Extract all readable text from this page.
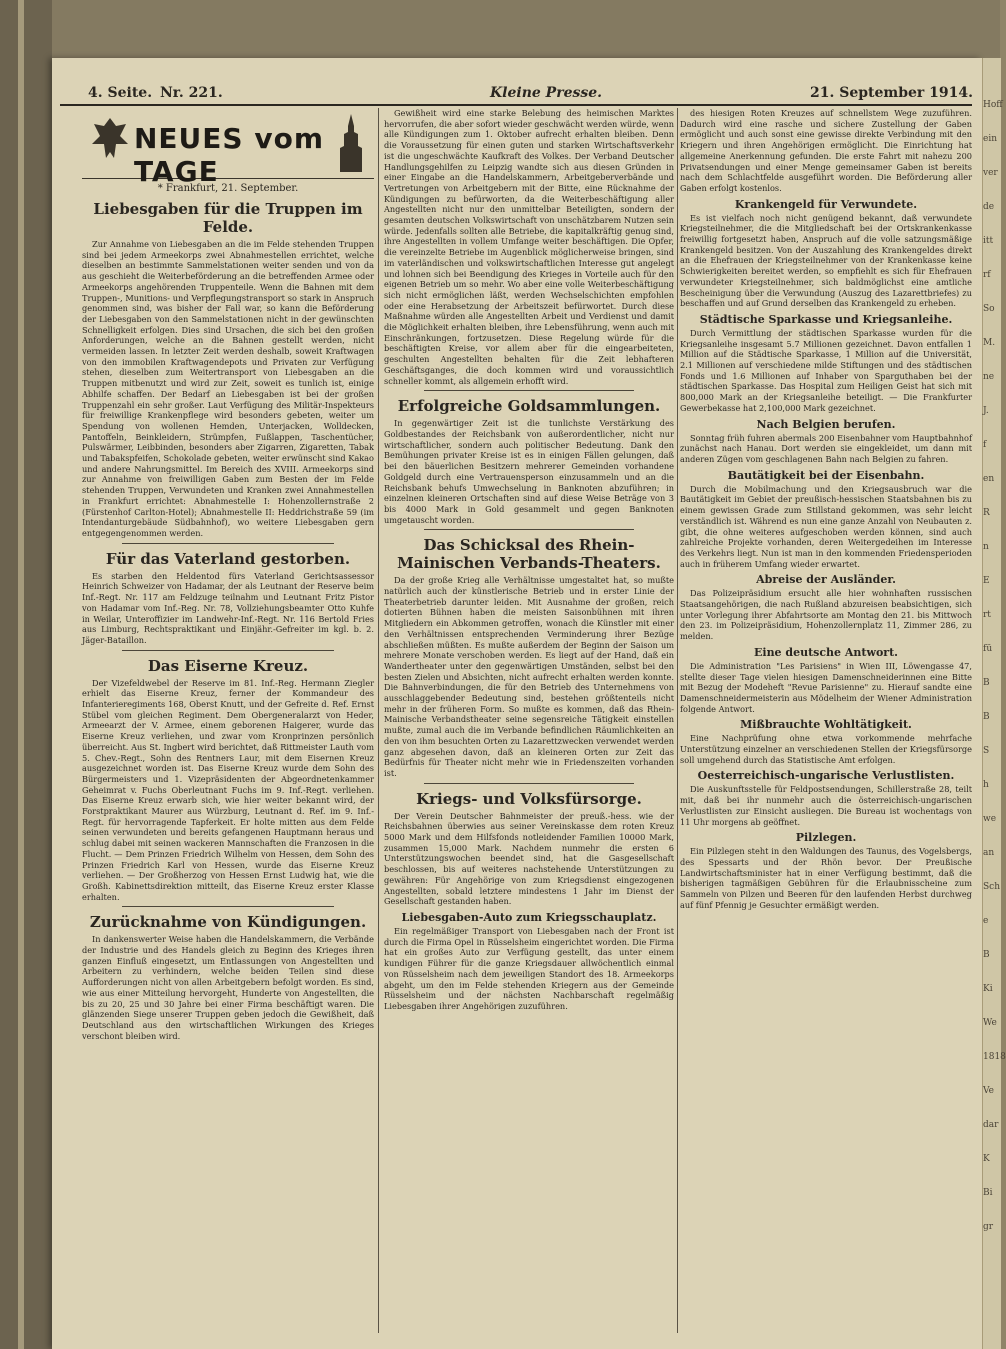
Hoff
ein
ver
de
itt
rf
So
M.
ne
J.
f
en
R
n
E
rt
fü
B
B
S
h
we
an
Sch
e
B
Ki
We
1818
Ve
dar
K
Bi
gr
4. Seite. Nr. 221.	Kleine Presse.	21. September 1914.
NEUES vom TAGE
* Frankfurt, 21. September.
Liebesgaben für die Truppen im Felde.

Zur Annahme von Liebesgaben an die im Felde stehenden Truppen sind bei jedem Armeekorps zwei Abnahmestellen errichtet, welche dieselben an bestimmte Sammelstationen weiter senden und von da aus geschieht die Weiterbeförderung an die betreffenden Armee oder Armeekorps angehörenden Truppenteile. Wenn die Bahnen mit dem Truppen-, Munitions- und Verpflegungstransport so stark in Anspruch genommen sind, was bisher der Fall war, so kann die Beförderung der Liebesgaben von den Sammelstationen nicht in der gewünschten Schnelligkeit erfolgen. Dies sind Ursachen, die sich bei den großen Anforderungen, welche an die Bahnen gestellt werden, nicht vermeiden lassen. In letzter Zeit werden deshalb, soweit Kraftwagen von den immobilen Kraftwagendepots und Privaten zur Verfügung stehen, dieselben zum Weitertransport von Liebesgaben an die Truppen mitbenutzt und wird zur Zeit, soweit es tunlich ist, einige Abhilfe schaffen. Der Bedarf an Liebesgaben ist bei der großen Truppenzahl ein sehr großer. Laut Verfügung des Militär-Inspekteurs für freiwillige Krankenpflege wird besonders gebeten, weiter um Spendung von wollenen Hemden, Unterjacken, Wolldecken, Pantoffeln, Beinkleidern, Strümpfen, Fußlappen, Taschentücher, Pulswärmer, Leibbinden, besonders aber Zigarren, Zigaretten, Tabak und Tabakspfeifen, Schokolade gebeten, weiter erwünscht sind Kakao und andere Nahrungsmittel. Im Bereich des XVIII. Armeekorps sind zur Annahme von freiwilligen Gaben zum Besten der im Felde stehenden Truppen, Verwundeten und Kranken zwei Annahmestellen in Frankfurt errichtet: Abnahmestelle I: Hohenzollernstraße 2 (Fürstenhof Carlton-Hotel); Abnahmestelle II: Heddrichstraße 59 (im Intendanturgebäude Südbahnhof), wo weitere Liebesgaben gern entgegengenommen werden.

Für das Vaterland gestorben.

Es starben den Heldentod fürs Vaterland Gerichtsassessor Heinrich Schweizer von Hadamar, der als Leutnant der Reserve beim Inf.-Regt. Nr. 117 am Feldzuge teilnahm und Leutnant Fritz Pistor von Hadamar vom Inf.-Reg. Nr. 78, Vollziehungsbeamter Otto Kuhfe in Weilar, Unteroffizier im Landwehr-Inf.-Regt. Nr. 116 Bertold Fries aus Limburg, Rechtspraktikant und Einjähr.-Gefreiter im kgl. b. 2. Jäger-Bataillon.

Das Eiserne Kreuz.

Der Vizefeldwebel der Reserve im 81. Inf.-Reg. Hermann Ziegler erhielt das Eiserne Kreuz, ferner der Kommandeur des Infanterieregiments 168, Oberst Knutt, und der Gefreite d. Ref. Ernst Stübel vom gleichen Regiment. Dem Obergeneralarzt von Heder, Armeearzt der V. Armee, einem geborenen Haigerer, wurde das Eiserne Kreuz verliehen, und zwar vom Kronprinzen persönlich überreicht. Aus St. Ingbert wird berichtet, daß Rittmeister Lauth vom 5. Chev.-Regt., Sohn des Rentners Laur, mit dem Eisernen Kreuz ausgezeichnet worden ist. Das Eiserne Kreuz wurde dem Sohn des Bürgermeisters und 1. Vizepräsidenten der Abgeordnetenkammer Geheimrat v. Fuchs Oberleutnant Fuchs im 9. Inf.-Regt. verliehen. Das Eiserne Kreuz erwarb sich, wie hier weiter bekannt wird, der Forstpraktikant Maurer aus Würzburg, Leutnant d. Ref. im 9. Inf.-Regt. für hervorragende Tapferkeit. Er holte mitten aus dem Felde seinen verwundeten und bereits gefangenen Hauptmann heraus und schlug dabei mit seinen wackeren Mannschaften die Franzosen in die Flucht. — Dem Prinzen Friedrich Wilhelm von Hessen, dem Sohn des Prinzen Friedrich Karl von Hessen, wurde das Eiserne Kreuz verliehen. — Der Großherzog von Hessen Ernst Ludwig hat, wie die Großh. Kabinettsdirektion mitteilt, das Eiserne Kreuz erster Klasse erhalten.

Zurücknahme von Kündigungen.

In dankenswerter Weise haben die Handelskammern, die Verbände der Industrie und des Handels gleich zu Beginn des Krieges ihren ganzen Einfluß eingesetzt, um Entlassungen von Angestellten und Arbeitern zu verhindern, welche beiden Teilen sind diese Aufforderungen nicht von allen Arbeitgebern befolgt worden. Es sind, wie aus einer Mitteilung hervorgeht, Hunderte von Angestellten, die bis zu 20, 25 und 30 Jahre bei einer Firma beschäftigt waren. Die glänzenden Siege unserer Truppen geben jedoch die Gewißheit, daß Deutschland aus den wirtschaftlichen Wirkungen des Krieges verschont bleiben wird.

Gewißheit wird eine starke Belebung des heimischen Marktes hervorrufen, die aber sofort wieder geschwächt werden würde, wenn alle Kündigungen zum 1. Oktober aufrecht erhalten bleiben. Denn die Voraussetzung für einen guten und starken Wirtschaftsverkehr ist die ungeschwächte Kaufkraft des Volkes. Der Verband Deutscher Handlungsgehilfen zu Leipzig wandte sich aus diesen Gründen in einer Eingabe an die Handelskammern, Arbeitgeberverbände und Vertretungen von Arbeitgebern mit der Bitte, eine Rücknahme der Kündigungen zu befürworten, da die Weiterbeschäftigung aller Angestellten nicht nur den unmittelbar Beteiligten, sondern der gesamten deutschen Volkswirtschaft von unschätzbarem Nutzen sein würde. Jedenfalls sollten alle Betriebe, die kapitalkräftig genug sind, ihre Angestellten in vollem Umfange weiter beschäftigen. Die Opfer, die vereinzelte Betriebe im Augenblick möglicherweise bringen, sind im vaterländischen und volkswirtschaftlichen Interesse gut angelegt und lohnen sich bei Beendigung des Krieges in Vorteile auch für den eigenen Betrieb um so mehr. Wo aber eine volle Weiterbeschäftigung sich nicht ermöglichen läßt, werden Wechselschichten empfohlen oder eine Herabsetzung der Arbeitszeit befürwortet. Durch diese Maßnahme würden alle Angestellten Arbeit und Verdienst und damit die Möglichkeit erhalten bleiben, ihre Lebensführung, wenn auch mit Einschränkungen, fortzusetzen. Diese Regelung würde für die beschäftigten Kreise, vor allem aber für die eingearbeiteten, geschulten Angestellten behalten für die Zeit lebhafteren Geschäftsganges, die doch kommen wird und voraussichtlich schneller kommt, als allgemein erhofft wird.

Erfolgreiche Goldsammlungen.

In gegenwärtiger Zeit ist die tunlichste Verstärkung des Goldbestandes der Reichsbank von außerordentlicher, nicht nur wirtschaftlicher, sondern auch politischer Bedeutung. Dank den Bemühungen privater Kreise ist es in einigen Fällen gelungen, daß bei den bäuerlichen Besitzern mehrerer Gemeinden vorhandene Goldgeld durch eine Vertrauensperson einzusammeln und an die Reichsbank behufs Umwechselung in Banknoten abzuführen; in einzelnen kleineren Ortschaften sind auf diese Weise Beträge von 3 bis 4000 Mark in Gold gesammelt und gegen Banknoten umgetauscht worden.

Das Schicksal des Rhein-Mainischen Verbands-Theaters.

Da der große Krieg alle Verhältnisse umgestaltet hat, so mußte natürlich auch der künstlerische Betrieb und in erster Linie der Theaterbetrieb darunter leiden. Mit Ausnahme der großen, reich dotierten Bühnen haben die meisten Saisonbühnen mit ihren Mitgliedern ein Abkommen getroffen, wonach die Künstler mit einer den Verhältnissen entsprechenden Verminderung ihrer Bezüge abschließen müßten. Es mußte außerdem der Beginn der Saison um mehrere Monate verschoben werden. Es liegt auf der Hand, daß ein Wandertheater unter den gegenwärtigen Umständen, selbst bei den besten Zielen und Absichten, nicht aufrecht erhalten werden konnte. Die Bahnverbindungen, die für den Betrieb des Unternehmens von ausschlaggebender Bedeutung sind, bestehen größtenteils nicht mehr in der früheren Form. So mußte es kommen, daß das Rhein-Mainische Verbandstheater seine segensreiche Tätigkeit einstellen mußte, zumal auch die im Verbande befindlichen Räumlichkeiten an den von ihm besuchten Orten zu Lazarettzwecken verwendet werden ganz abgesehen davon, daß an kleineren Orten zur Zeit das Bedürfnis für Theater nicht mehr wie in Friedenszeiten vorhanden ist.

Kriegs- und Volksfürsorge.

Der Verein Deutscher Bahnmeister der preuß.-hess. wie der Reichsbahnen überwies aus seiner Vereinskasse dem roten Kreuz 5000 Mark und dem Hilfsfonds notleidender Familien 10000 Mark, zusammen 15,000 Mark. Nachdem nunmehr die ersten 6 Unterstützungswochen beendet sind, hat die Gasgesellschaft beschlossen, bis auf weiteres nachstehende Unterstützungen zu gewähren: Für Angehörige von zum Kriegsdienst eingezogenen Angestellten, sobald letztere mindestens 1 Jahr im Dienst der Gesellschaft gestanden haben.

Liebesgaben-Auto zum Kriegsschauplatz.

Ein regelmäßiger Transport von Liebesgaben nach der Front ist durch die Firma Opel in Rüsselsheim eingerichtet worden. Die Firma hat ein großes Auto zur Verfügung gestellt, das unter einem kundigen Führer für die ganze Kriegsdauer allwöchentlich einmal von Rüsselsheim nach dem jeweiligen Standort des 18. Armeekorps abgeht, um den im Felde stehenden Kriegern aus der Gemeinde Rüsselsheim und der nächsten Nachbarschaft regelmäßig Liebesgaben ihrer Angehörigen zuzuführen.

des hiesigen Roten Kreuzes auf schnellstem Wege zuzuführen. Dadurch wird eine rasche und sichere Zustellung der Gaben ermöglicht und auch sonst eine gewisse direkte Verbindung mit den Kriegern und ihren Angehörigen ermöglicht. Die Einrichtung hat allgemeine Anerkennung gefunden. Die erste Fahrt mit nahezu 200 Privatsendungen und einer Menge gemeinsamer Gaben ist bereits nach dem Schlachtfelde ausgeführt worden. Die Beförderung aller Gaben erfolgt kostenlos.

Krankengeld für Verwundete.

Es ist vielfach noch nicht genügend bekannt, daß verwundete Kriegsteilnehmer, die die Mitgliedschaft bei der Ortskrankenkasse freiwillig fortgesetzt haben, Anspruch auf die volle satzungsmäßige Krankengeld besitzen. Von der Auszahlung des Krankengeldes direkt an die Ehefrauen der Kriegsteilnehmer von der Krankenkasse keine Schwierigkeiten bereitet werden, so empfiehlt es sich für Ehefrauen verwundeter Kriegsteilnehmer, sich baldmöglichst eine amtliche Bescheinigung über die Verwundung (Auszug des Lazarettbriefes) zu beschaffen und auf Grund derselben das Krankengeld zu erheben.

Städtische Sparkasse und Kriegsanleihe.

Durch Vermittlung der städtischen Sparkasse wurden für die Kriegsanleihe insgesamt 5.7 Millionen gezeichnet. Davon entfallen 1 Million auf die Städtische Sparkasse, 1 Million auf die Universität, 2.1 Millionen auf verschiedene milde Stiftungen und des städtischen Fonds und 1.6 Millionen auf Inhaber von Sparguthaben bei der städtischen Sparkasse. Das Hospital zum Heiligen Geist hat sich mit 800,000 Mark an der Kriegsanleihe beteiligt. — Die Frankfurter Gewerbekasse hat 2,100,000 Mark gezeichnet.

Nach Belgien berufen.

Sonntag früh fuhren abermals 200 Eisenbahner vom Hauptbahnhof zunächst nach Hanau. Dort werden sie eingekleidet, um dann mit anderen Zügen vom geschlagenen Bahn nach Belgien zu fahren.

Bautätigkeit bei der Eisenbahn.

Durch die Mobilmachung und den Kriegsausbruch war die Bautätigkeit im Gebiet der preußisch-hessischen Staatsbahnen bis zu einem gewissen Grade zum Stillstand gekommen, was sehr leicht verständlich ist. Während es nun eine ganze Anzahl von Neubauten z. gibt, die ohne weiteres aufgeschoben werden können, sind auch zahlreiche Projekte vorhanden, deren Weitergedeihen im Interesse des Verkehrs liegt. Nun ist man in den kommenden Friedensperioden auch in früherem Umfang wieder erwartet.

Abreise der Ausländer.

Das Polizeipräsidium ersucht alle hier wohnhaften russischen Staatsangehörigen, die nach Rußland abzureisen beabsichtigen, sich unter Vorlegung ihrer Abfahrtsorte am Montag den 21. bis Mittwoch den 23. im Polizeipräsidium, Hohenzollernplatz 11, Zimmer 286, zu melden.

Eine deutsche Antwort.

Die Administration "Les Parisiens" in Wien III, Löwengasse 47, stellte dieser Tage vielen hiesigen Damenschneiderinnen eine Bitte mit Bezug der Modeheft "Revue Parisienne" zu. Hierauf sandte eine Damenschneidermeisterin aus Mödelheim der Wiener Administration folgende Antwort.

Mißbrauchte Wohltätigkeit.

Eine Nachprüfung ohne etwa vorkommende mehrfache Unterstützung einzelner an verschiedenen Stellen der Kriegsfürsorge soll umgehend durch das Statistische Amt erfolgen.

Oesterreichisch-ungarische Verlustlisten.

Die Auskunftsstelle für Feldpostsendungen, Schillerstraße 28, teilt mit, daß bei ihr nunmehr auch die österreichisch-ungarischen Verlustlisten zur Einsicht ausliegen. Die Bureau ist wochentags von 11 Uhr morgens ab geöffnet.

Pilzlegen.

Ein Pilzlegen steht in den Waldungen des Taunus, des Vogelsbergs, des Spessarts und der Rhön bevor. Der Preußische Landwirtschaftsminister hat in einer Verfügung bestimmt, daß die bisherigen tagmäßigen Gebühren für die Erlaubnisscheine zum Sammeln von Pilzen und Beeren für den laufenden Herbst durchweg auf fünf Pfennig je Gesuchter ermäßigt werden.
